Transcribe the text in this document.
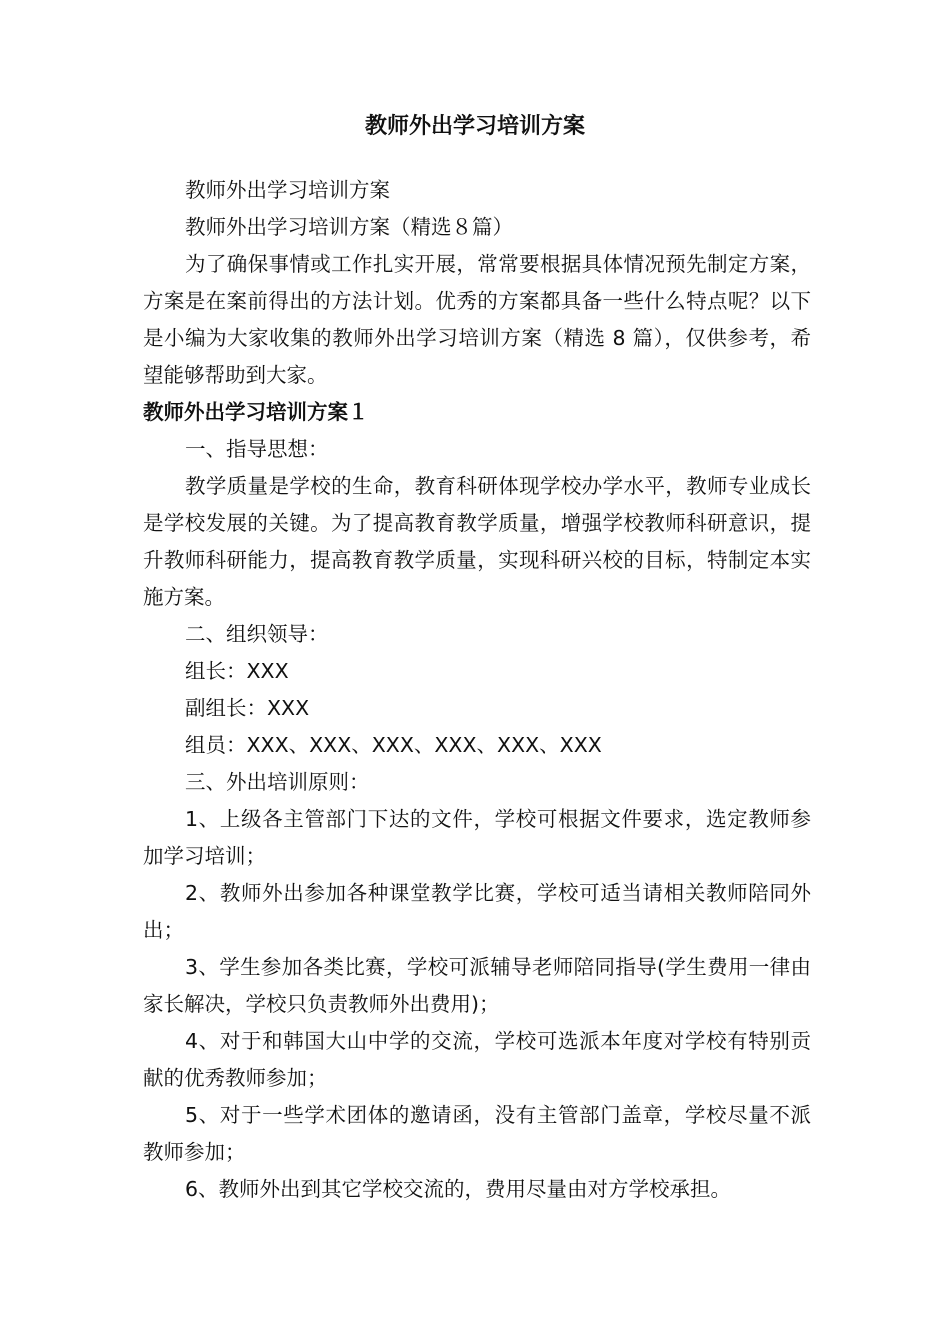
教师外出学习培训方案

教师外出学习培训方案

教师外出学习培训方案（精选８篇）

为了确保事情或工作扎实开展，常常要根据具体情况预先制定方案，方案是在案前得出的方法计划。优秀的方案都具备一些什么特点呢？以下是小编为大家收集的教师外出学习培训方案（精选 8 篇），仅供参考，希望能够帮助到大家。

教师外出学习培训方案１

一、指导思想：

教学质量是学校的生命，教育科研体现学校办学水平，教师专业成长是学校发展的关键。为了提高教育教学质量，增强学校教师科研意识，提升教师科研能力，提高教育教学质量，实现科研兴校的目标，特制定本实施方案。

二、组织领导：

组长：XXX

副组长：XXX

组员：XXX、XXX、XXX、XXX、XXX、XXX

三、外出培训原则：

1、上级各主管部门下达的文件，学校可根据文件要求，选定教师参加学习培训；

2、教师外出参加各种课堂教学比赛，学校可适当请相关教师陪同外出；

3、学生参加各类比赛，学校可派辅导老师陪同指导(学生费用一律由家长解决，学校只负责教师外出费用)；

4、对于和韩国大山中学的交流，学校可选派本年度对学校有特别贡献的优秀教师参加；

5、对于一些学术团体的邀请函，没有主管部门盖章，学校尽量不派教师参加；

6、教师外出到其它学校交流的，费用尽量由对方学校承担。
